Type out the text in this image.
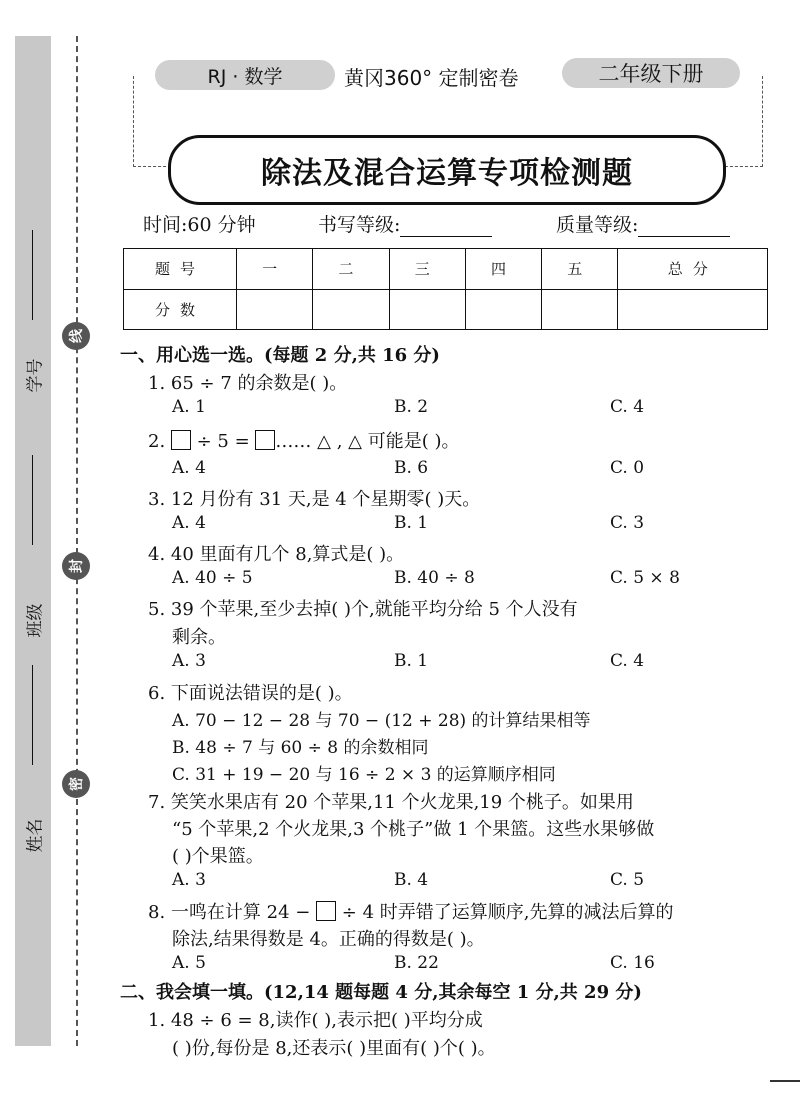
学号
班级
姓名
线
封
密
RJ · 数学	黄冈360° 定制密卷	二年级下册
除法及混合运算专项检测题
时间:60 分钟	书写等级:	质量等级:
题号	一	二	三	四	五	总分
分数						
一、用心选一选。(每题 2 分,共 16 分)
1. 65 ÷ 7 的余数是( )。
A. 1	B. 2	C. 4
2.  ÷ 5 = …… △ , △ 可能是( )。
A. 4	B. 6	C. 0
3. 12 月份有 31 天,是 4 个星期零( )天。
A. 4	B. 1	C. 3
4. 40 里面有几个 8,算式是( )。
A. 40 ÷ 5	B. 40 ÷ 8	C. 5 × 8
5. 39 个苹果,至少去掉( )个,就能平均分给 5 个人没有
剩余。
A. 3	B. 1	C. 4
6. 下面说法错误的是( )。
A. 70 − 12 − 28 与 70 − (12 + 28) 的计算结果相等
B. 48 ÷ 7 与 60 ÷ 8 的余数相同
C. 31 + 19 − 20 与 16 ÷ 2 × 3 的运算顺序相同
7. 笑笑水果店有 20 个苹果,11 个火龙果,19 个桃子。如果用
“5 个苹果,2 个火龙果,3 个桃子”做 1 个果篮。这些水果够做
( )个果篮。
A. 3	B. 4	C. 5
8. 一鸣在计算 24 −  ÷ 4 时弄错了运算顺序,先算的减法后算的
除法,结果得数是 4。正确的得数是( )。
A. 5	B. 22	C. 16
二、我会填一填。(12,14 题每题 4 分,其余每空 1 分,共 29 分)
1. 48 ÷ 6 = 8,读作( ),表示把( )平均分成
( )份,每份是 8,还表示( )里面有( )个( )。
